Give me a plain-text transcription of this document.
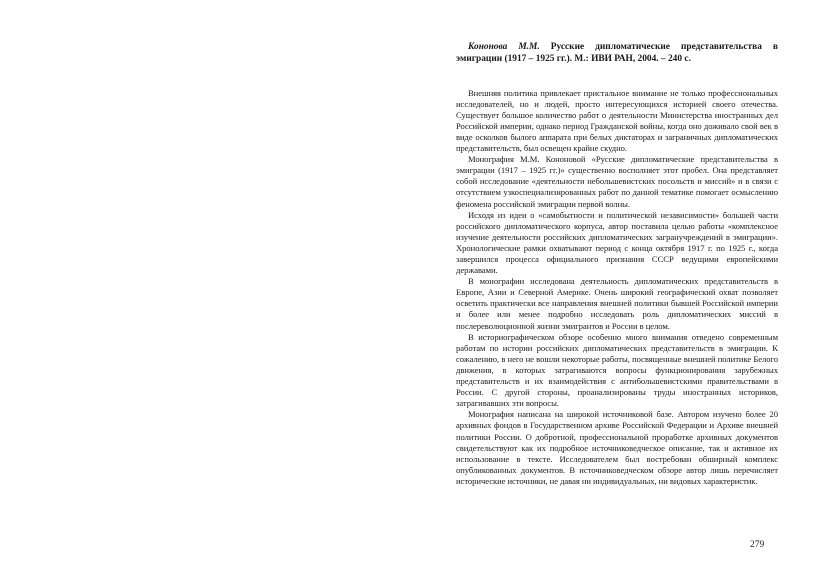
Кононова М.М. Русские дипломатические представительства в эмиграции (1917 – 1925 гг.). М.: ИВИ РАН, 2004. – 240 с.

Внешняя политика привлекает пристальное внимание не только профессиональных исследователей, но и людей, просто интересующихся историей своего отечества. Существует большое количество работ о деятельности Министерства иностранных дел Российской империи, однако период Гражданской войны, когда оно доживало свой век в виде осколков былого аппарата при белых диктаторах и заграничных дипломатических представительств, был освещен крайне скудно.

Монография М.М. Кононовой «Русские дипломатические представительства в эмиграции (1917 – 1925 гг.)» существенно восполняет этот пробел. Она представляет собой исследование «деятельности небольшевистских посольств и миссий» и в связи с отсутствием узкоспециализированных работ по данной тематике помогает осмыслению феномена российской эмиграции первой волны.

Исходя из идеи о «самобытности и политической независимости» большей части российского дипломатического корпуса, автор поставила целью работы «комплексное изучение деятельности российских дипломатических загранучреждений в эмиграции». Хронологические рамки охватывают период с конца октября 1917 г. по 1925 г., когда завершился процесса официального признания СССР ведущими европейскими державами.

В монографии исследована деятельность дипломатических представительств в Европе, Азии и Северной Америке. Очень широкий географический охват позволяет осветить практически все направления внешней политики бывшей Российской империи и более или менее подробно исследовать роль дипломатических миссий в послереволюционной жизни эмигрантов и России в целом.

В историографическом обзоре особенно много внимания отведено современным работам по истории российских дипломатических представительств в эмиграции. К сожалению, в него не вошли некоторые работы, посвященные внешней политике Белого движения, в которых затрагиваются вопросы функционирования зарубежных представительств и их взаимодействия с антибольшевистскими правительствами в России. С другой стороны, проанализированы труды иностранных историков, затрагивавших эти вопросы.

Монография написана на широкой источниковой базе. Автором изучено более 20 архивных фондов в Государственном архиве Российской Федерации и Архиве внешней политики России. О добротной, профессиональной проработке архивных документов свидетельствуют как их подробное источниковедческое описание, так и активное их использование в тексте. Исследователем был востребован обширный комплекс опубликованных документов. В источниковедческом обзоре автор лишь перечисляет исторические источники, не давая ни индивидуальных, ни видовых характеристик.

279
